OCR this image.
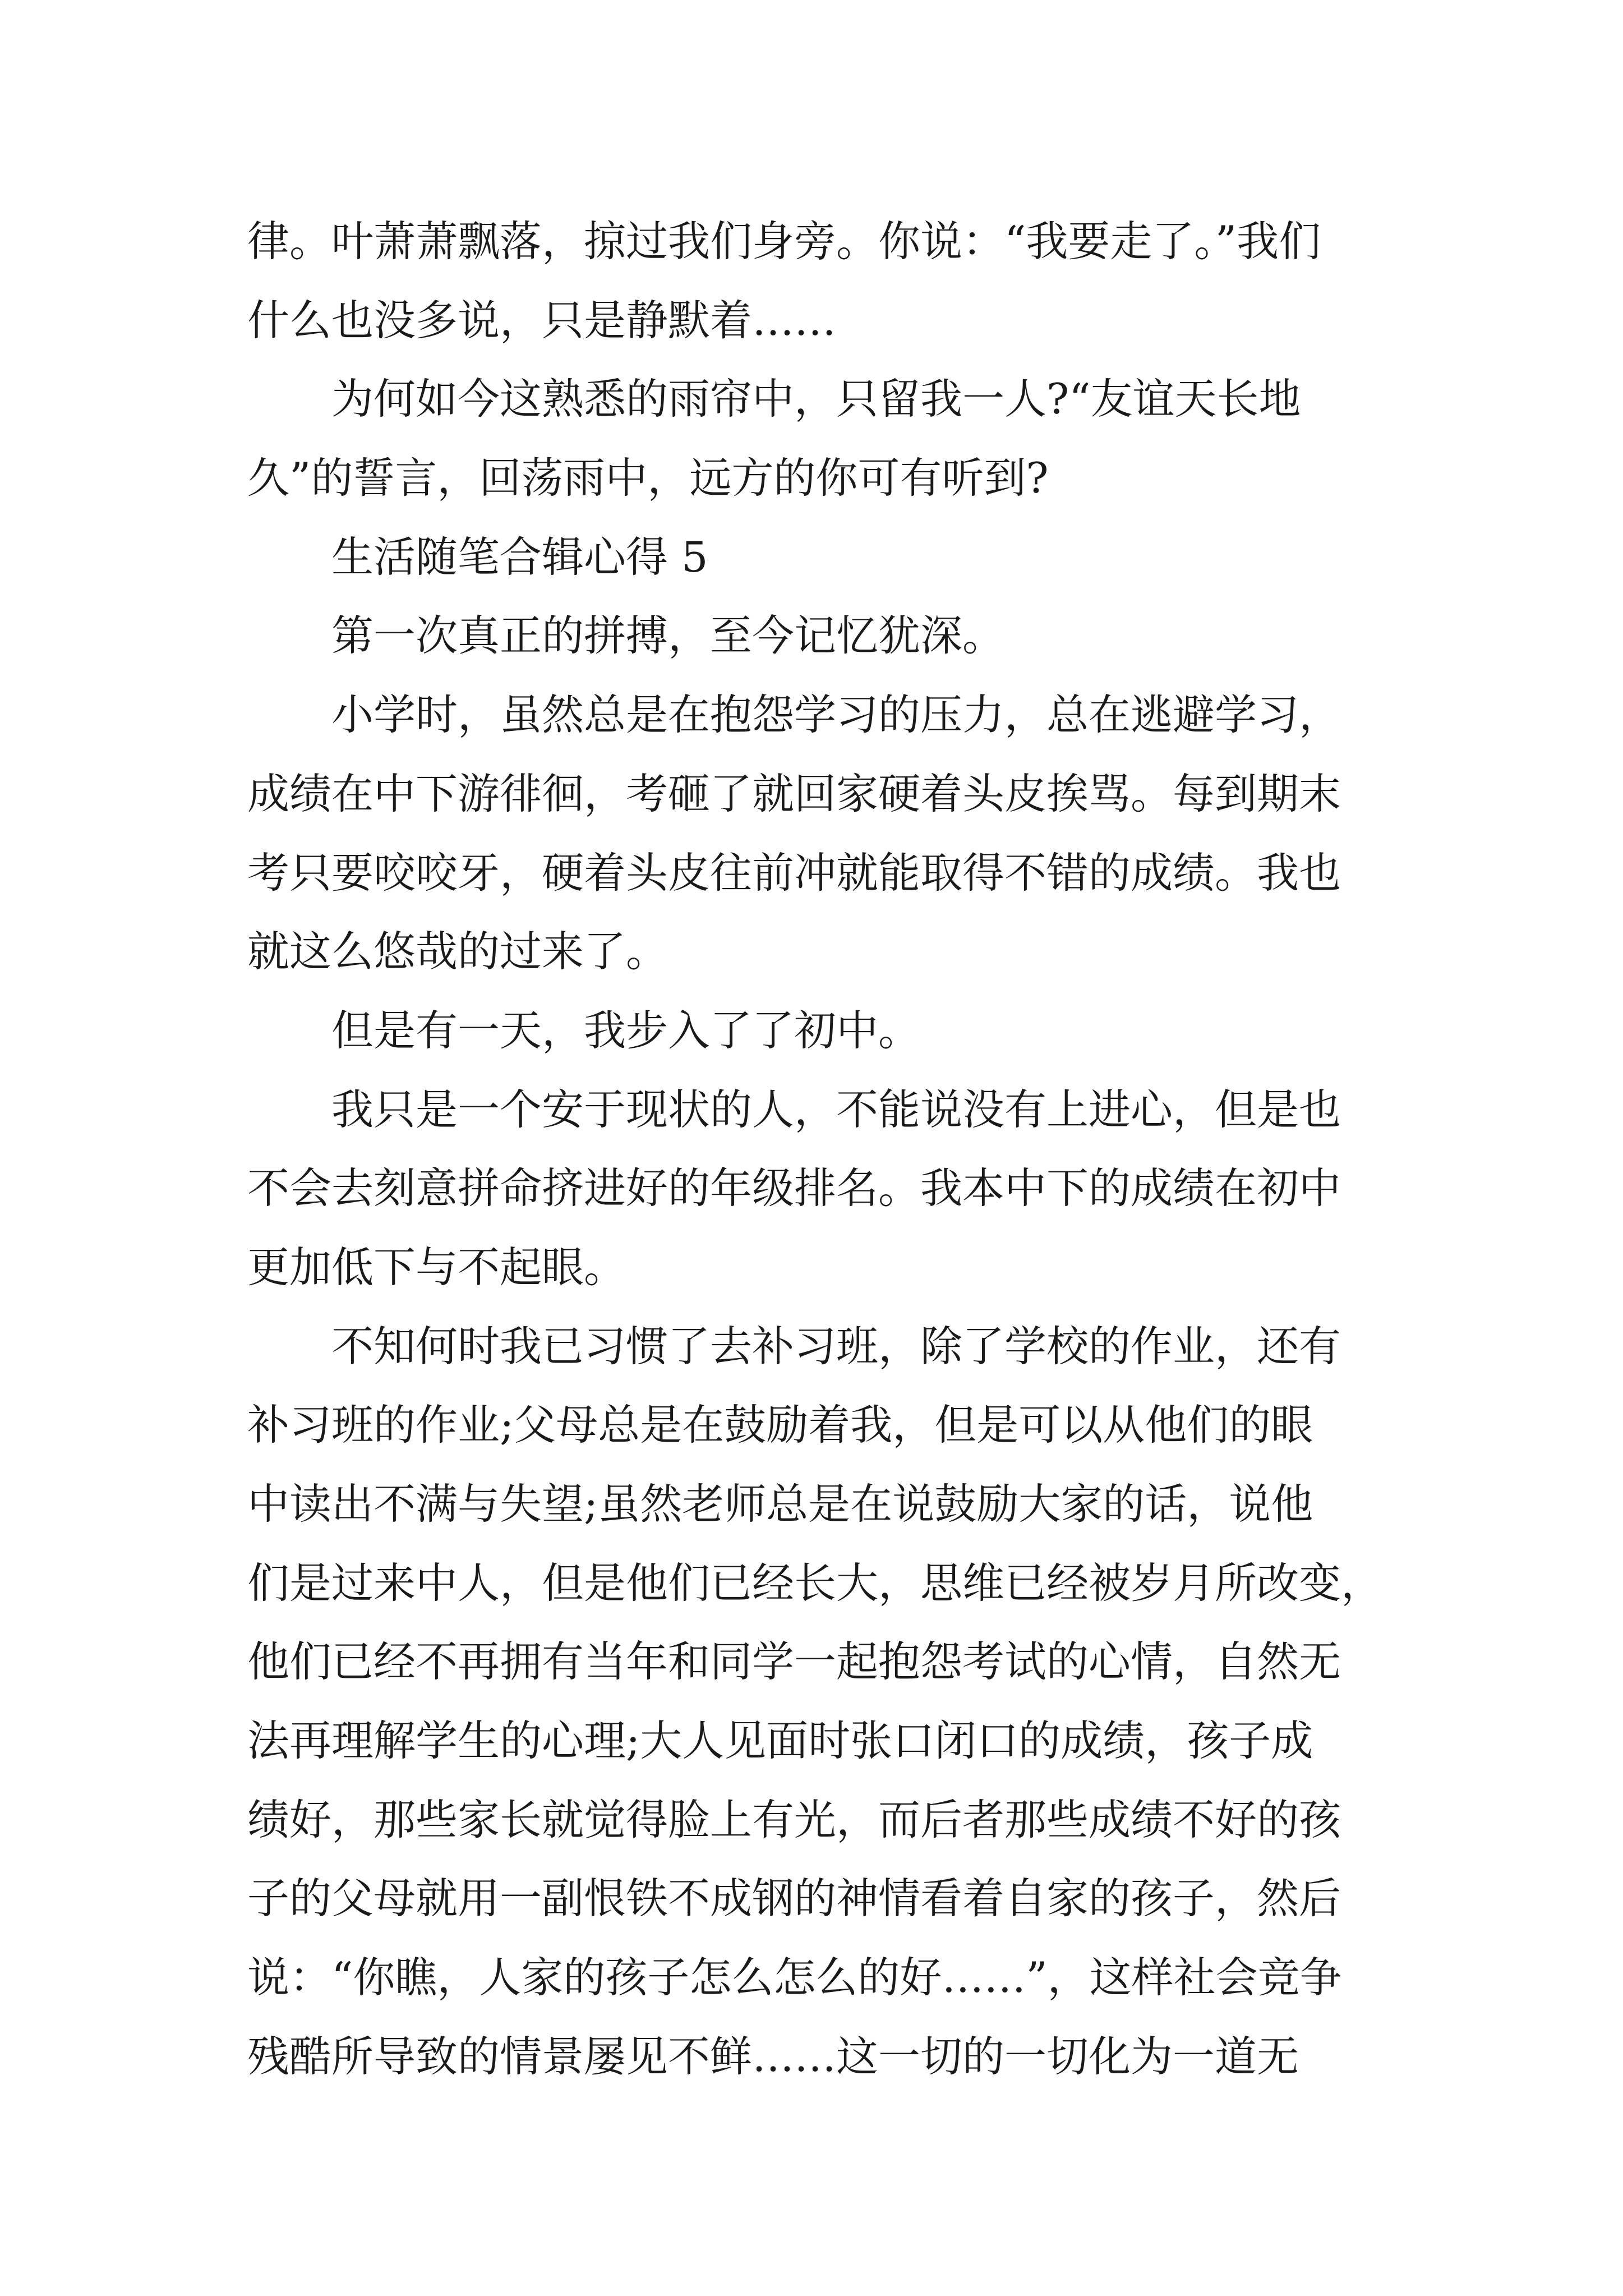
律。叶萧萧飘落，掠过我们身旁。你说：“我要走了。”我们
什么也没多说，只是静默着……
为何如今这熟悉的雨帘中，只留我一人?“友谊天长地
久”的誓言，回荡雨中，远方的你可有听到?
生活随笔合辑心得 5
第一次真正的拼搏，至今记忆犹深。
小学时，虽然总是在抱怨学习的压力，总在逃避学习，
成绩在中下游徘徊，考砸了就回家硬着头皮挨骂。每到期末
考只要咬咬牙，硬着头皮往前冲就能取得不错的成绩。我也
就这么悠哉的过来了。
但是有一天，我步入了了初中。
我只是一个安于现状的人，不能说没有上进心，但是也
不会去刻意拼命挤进好的年级排名。我本中下的成绩在初中
更加低下与不起眼。
不知何时我已习惯了去补习班，除了学校的作业，还有
补习班的作业;父母总是在鼓励着我，但是可以从他们的眼
中读出不满与失望;虽然老师总是在说鼓励大家的话，说他
们是过来中人，但是他们已经长大，思维已经被岁月所改变，
他们已经不再拥有当年和同学一起抱怨考试的心情，自然无
法再理解学生的心理;大人见面时张口闭口的成绩，孩子成
绩好，那些家长就觉得脸上有光，而后者那些成绩不好的孩
子的父母就用一副恨铁不成钢的神情看着自家的孩子，然后
说：“你瞧，人家的孩子怎么怎么的好……”，这样社会竞争
残酷所导致的情景屡见不鲜……这一切的一切化为一道无
